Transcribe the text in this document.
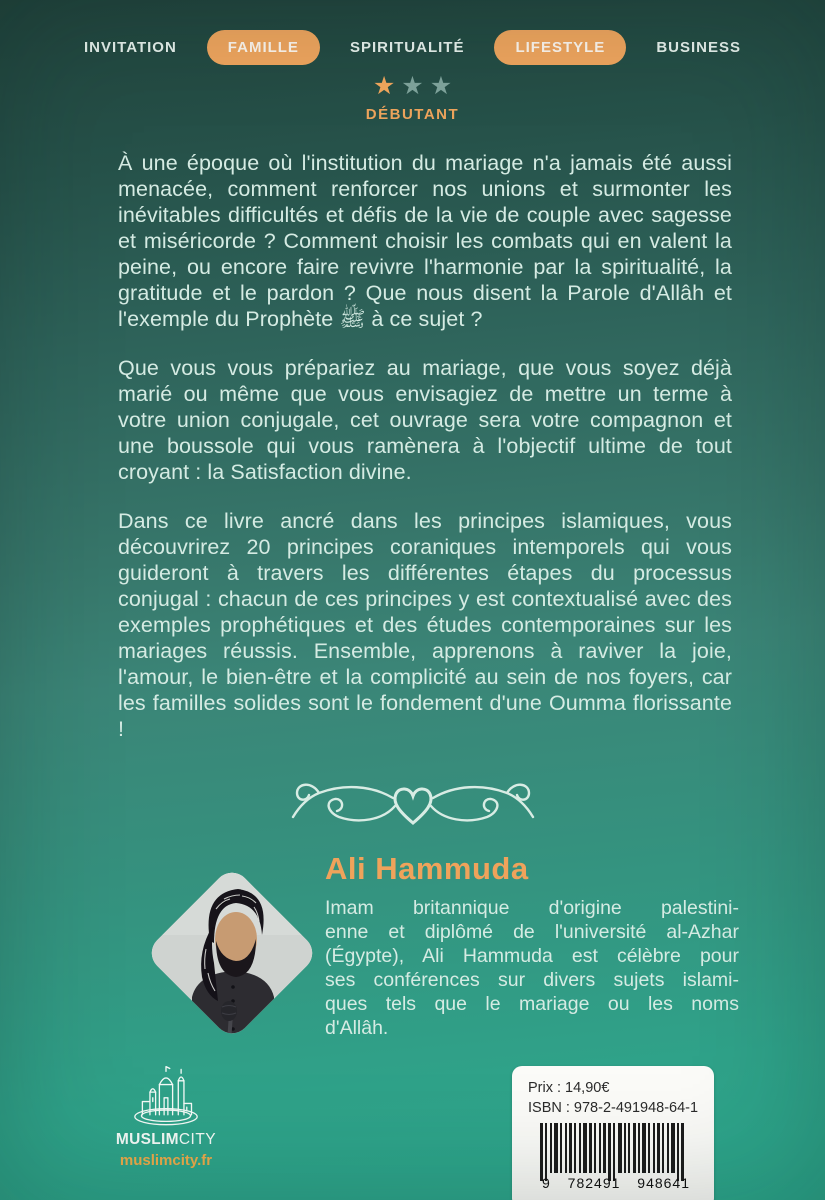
INVITATION	FAMILLE	SPIRITUALITÉ	LIFESTYLE	BUSINESS
★ ★ ★
DÉBUTANT

À une époque où l'institution du mariage n'a jamais été aussi menacée, comment renforcer nos unions et surmonter les inévitables difficultés et défis de la vie de couple avec sagesse et miséricorde ? Comment choisir les combats qui en valent la peine, ou encore faire revivre l'harmonie par la spiritualité, la gratitude et le pardon ? Que nous disent la Parole d'Allâh et l'exemple du Prophète ﷺ à ce sujet ?

Que vous vous prépariez au mariage, que vous soyez déjà marié ou même que vous envisagiez de mettre un terme à votre union conjugale, cet ouvrage sera votre compagnon et une boussole qui vous ramènera à l'objectif ultime de tout croyant : la Satisfaction divine.

Dans ce livre ancré dans les principes islamiques, vous découvrirez 20 principes coraniques intemporels qui vous guideront à travers les différentes étapes du processus conjugal : chacun de ces principes y est contextualisé avec des exemples prophétiques et des études contemporaines sur les mariages réussis. Ensemble, apprenons à raviver la joie, l'amour, le bien-être et la complicité au sein de nos foyers, car les familles solides sont le fondement d'une Oumma florissante !

Ali Hammuda
Imam britannique d'origine palestini-
enne et diplômé de l'université al-Azhar
(Égypte), Ali Hammuda est célèbre pour
ses conférences sur divers sujets islami-
ques tels que le mariage ou les noms
d'Allâh.
MUSLIMCITY
muslimcity.fr
Prix : 14,90€
ISBN : 978-2-491948-64-1
9 782491 948641
